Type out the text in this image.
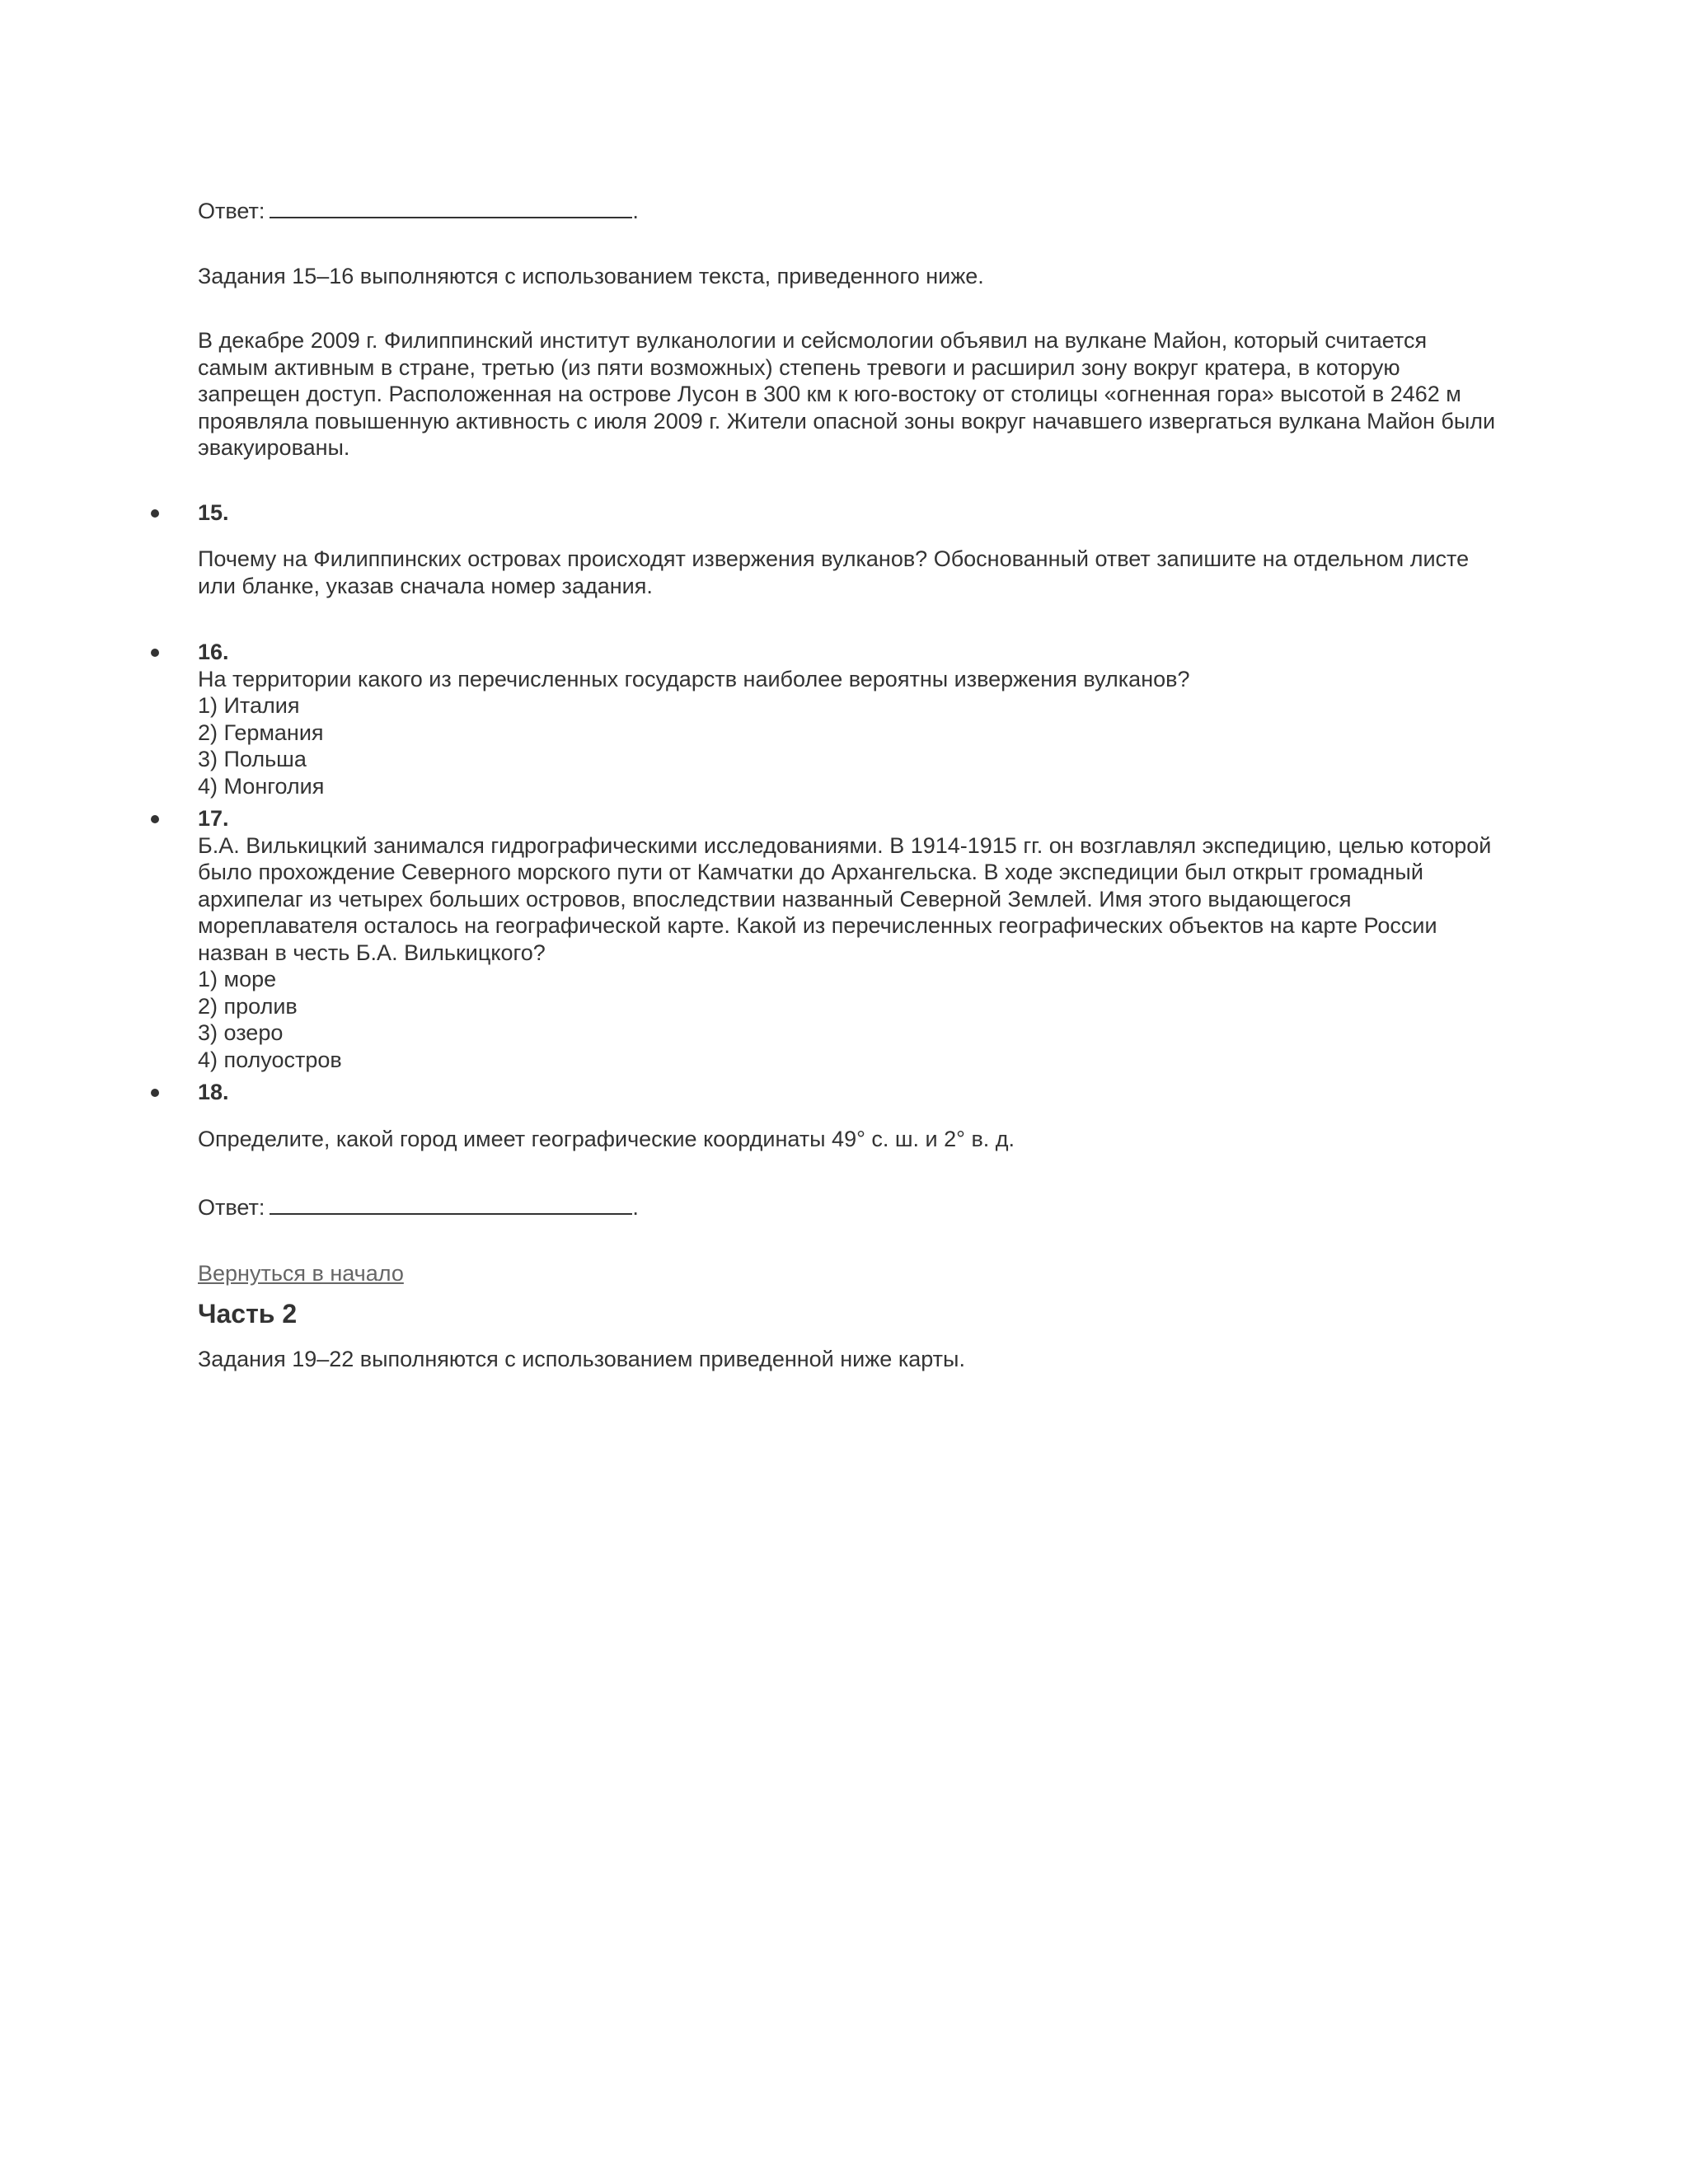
Ответ:	.

Задания 15–16 выполняются с использованием текста, приведенного ниже.

В декабре 2009 г. Филиппинский институт вулканологии и сейсмологии объявил на вулкане Майон, который считается самым активным в стране, третью (из пяти возможных) степень тревоги и расширил зону вокруг кратера, в которую запрещен доступ. Расположенная на острове Лусон в 300 км к юго-востоку от столицы «огненная гора» высотой в 2462 м проявляла повышенную активность с июля 2009 г. Жители опасной зоны вокруг начавшего извергаться вулкана Майон были эвакуированы.

15.

Почему на Филиппинских островах происходят извержения вулканов? Обоснованный ответ запишите на отдельном листе или бланке, указав сначала номер задания.

16.

На территории какого из перечисленных государств наиболее вероятны извержения вулканов?

1) Италия
2) Германия
3) Польша
4) Монголия

17.

Б.А. Вилькицкий занимался гидрографическими исследованиями. В 1914-1915 гг. он возглавлял экспедицию, целью которой было прохождение Северного морского пути от Камчатки до Архангельска. В ходе экспедиции был открыт громадный архипелаг из четырех больших островов, впоследствии названный Северной Землей. Имя этого выдающегося мореплавателя осталось на географической карте. Какой из перечисленных географических объектов на карте России назван в честь Б.А. Вилькицкого?

1) море
2) пролив
3) озеро
4) полуостров

18.

Определите, какой город имеет географические координаты 49° с. ш. и 2° в. д.

Ответ:	.

Вернуться в начало
Часть 2

Задания 19–22 выполняются с использованием приведенной ниже карты.
